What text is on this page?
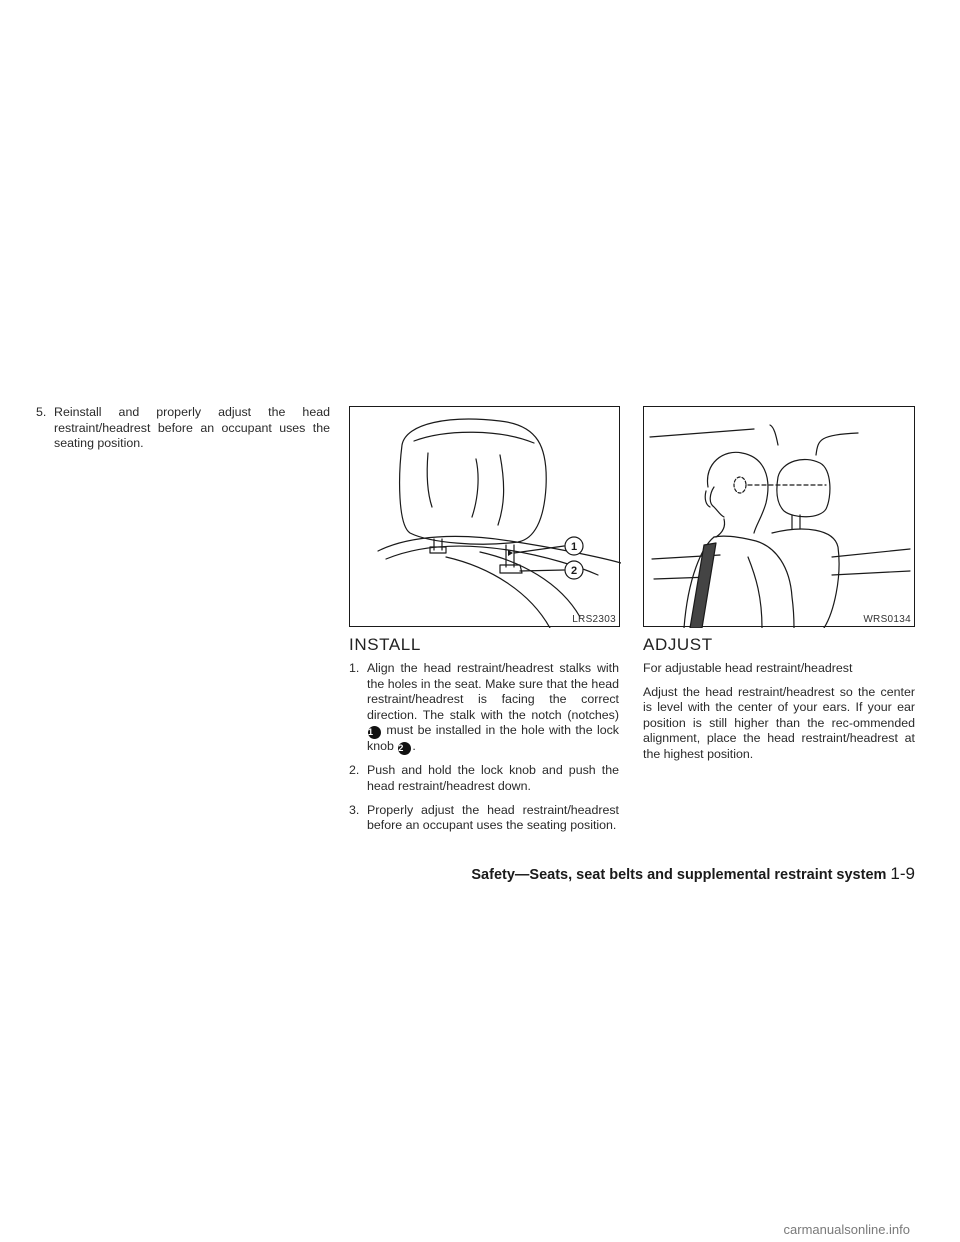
5. Reinstall and properly adjust the head restraint/headrest before an occupant uses the seating position.
1
2
LRS2303	WRS0134
INSTALL
1. Align the head restraint/headrest stalks with the holes in the seat. Make sure that the head restraint/headrest is facing the correct direction. The stalk with the notch (notches)1 must be installed in the hole with the lock knob 2 .
2. Push and hold the lock knob and push the head restraint/headrest down.
3. Properly adjust the head restraint/headrest before an occupant uses the seating position.
ADJUST

For adjustable head restraint/headrest

Adjust the head restraint/headrest so the center is level with the center of your ears. If your ear position is still higher than the rec-ommended alignment, place the head restraint/headrest at the highest position.

Safety—Seats, seat belts and supplemental restraint system 1-9
carmanualsonline.info
